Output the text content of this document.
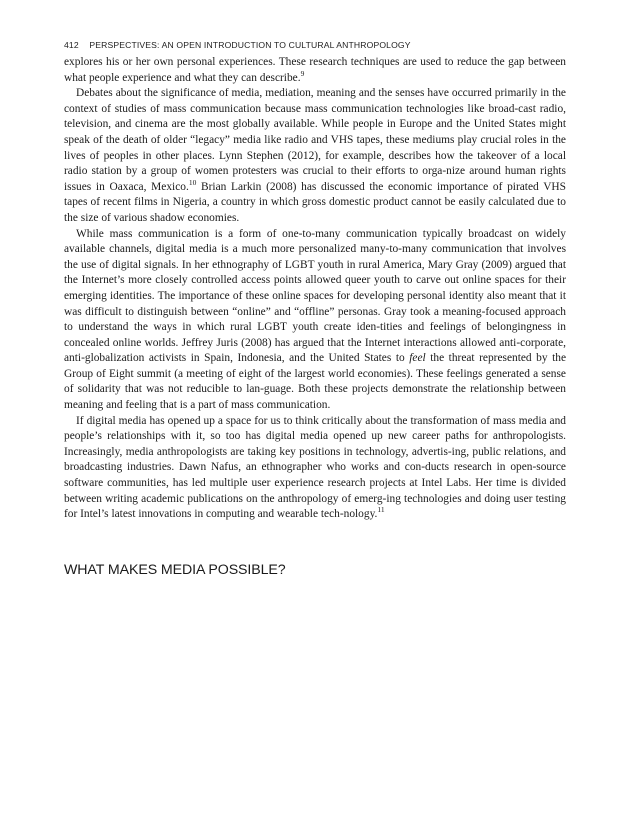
412 PERSPECTIVES: AN OPEN INTRODUCTION TO CULTURAL ANTHROPOLOGY

explores his or her own personal experiences. These research techniques are used to reduce the gap between what people experience and what they can describe.$^9$

Debates about the significance of media, mediation, meaning and the senses have occurred primarily in the context of studies of mass communication because mass communication technologies like broad-cast radio, television, and cinema are the most globally available. While people in Europe and the United States might speak of the death of older “legacy” media like radio and VHS tapes, these mediums play crucial roles in the lives of peoples in other places. Lynn Stephen (2012), for example, describes how the takeover of a local radio station by a group of women protesters was crucial to their efforts to orga-nize around human rights issues in Oaxaca, Mexico.$^{10}$ Brian Larkin (2008) has discussed the economic importance of pirated VHS tapes of recent films in Nigeria, a country in which gross domestic product cannot be easily calculated due to the size of various shadow economies.

While mass communication is a form of one-to-many communication typically broadcast on widely available channels, digital media is a much more personalized many-to-many communication that involves the use of digital signals. In her ethnography of LGBT youth in rural America, Mary Gray (2009) argued that the Internet’s more closely controlled access points allowed queer youth to carve out online spaces for their emerging identities. The importance of these online spaces for developing personal identity also meant that it was difficult to distinguish between “online” and “offline” personas. Gray took a meaning-focused approach to understand the ways in which rural LGBT youth create iden-tities and feelings of belongingness in concealed online worlds. Jeffrey Juris (2008) has argued that the Internet interactions allowed anti-corporate, anti-globalization activists in Spain, Indonesia, and the United States to feel the threat represented by the Group of Eight summit (a meeting of eight of the largest world economies). These feelings generated a sense of solidarity that was not reducible to lan-guage. Both these projects demonstrate the relationship between meaning and feeling that is a part of mass communication.

If digital media has opened up a space for us to think critically about the transformation of mass media and people’s relationships with it, so too has digital media opened up new career paths for anthropologists. Increasingly, media anthropologists are taking key positions in technology, advertis-ing, public relations, and broadcasting industries. Dawn Nafus, an ethnographer who works and con-ducts research in open-source software communities, has led multiple user experience research projects at Intel Labs. Her time is divided between writing academic publications on the anthropology of emerg-ing technologies and doing user testing for Intel’s latest innovations in computing and wearable tech-nology.$^{11}$

WHAT MAKES MEDIA POSSIBLE?
